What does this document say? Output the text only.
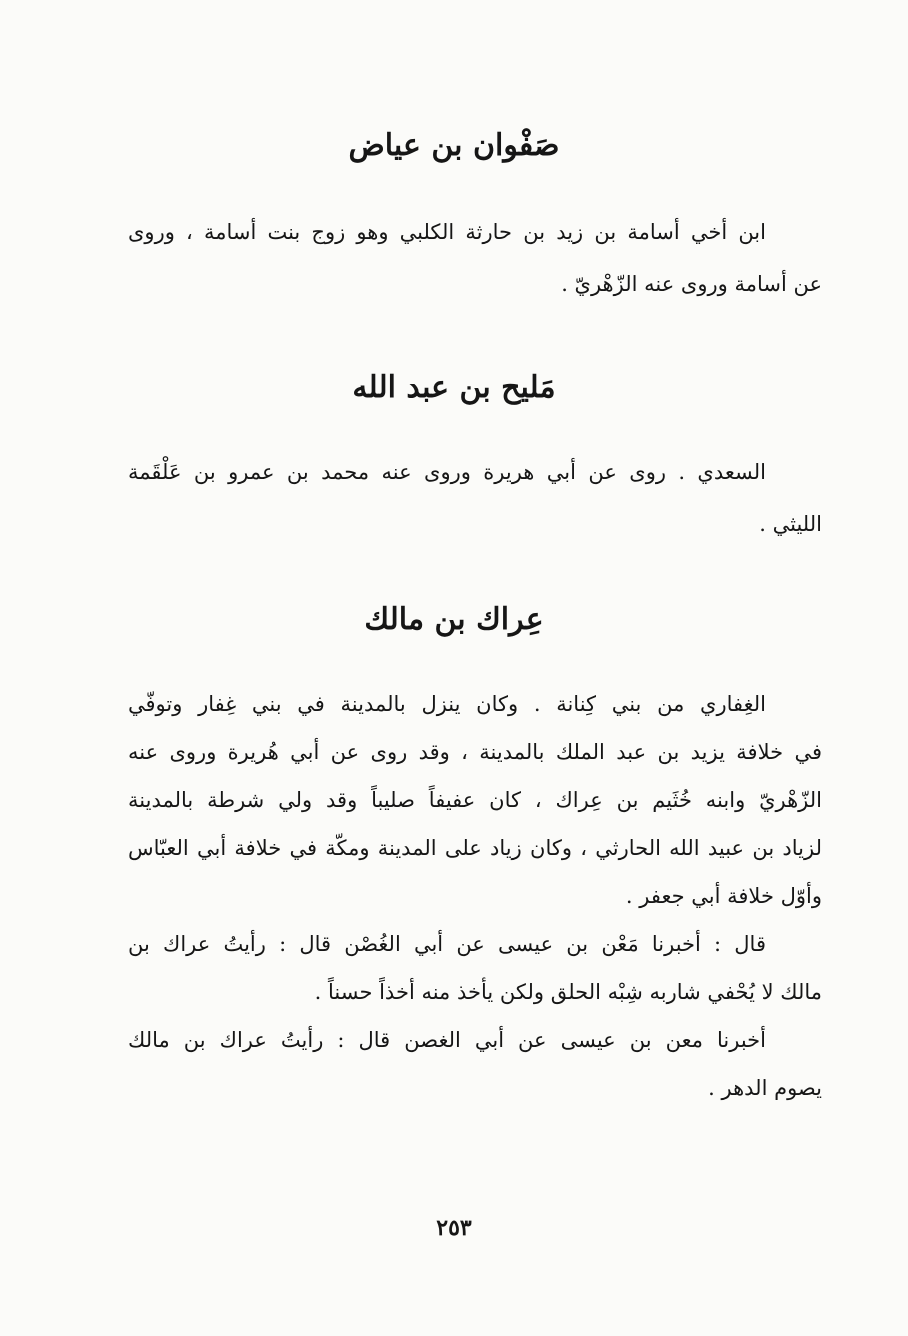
صَفْوان بن عياض

ابن أخي أسامة بن زيد بن حارثة الكلبي وهو زوج بنت أسامة ، وروى
عن أسامة وروى عنه الزّهْريّ .

مَليح بن عبد الله

السعدي . روى عن أبي هريرة وروى عنه محمد بن عمرو بن عَلْقَمة
الليثي .

عِراك بن مالك

الغِفاري من بني كِنانة . وكان ينزل بالمدينة في بني غِفار وتوفّي
في خلافة يزيد بن عبد الملك بالمدينة ، وقد روى عن أبي هُريرة وروى عنه
الزّهْريّ وابنه خُثَيم بن عِراك ، كان عفيفاً صليباً وقد ولي شرطة بالمدينة
لزياد بن عبيد الله الحارثي ، وكان زياد على المدينة ومكّة في خلافة أبي العبّاس
وأوّل خلافة أبي جعفر .
قال : أخبرنا مَعْن بن عيسى عن أبي الغُصْن قال : رأيتُ عراك بن
مالك لا يُحْفي شاربه شِبْه الحلق ولكن يأخذ منه أخذاً حسناً .
أخبرنا معن بن عيسى عن أبي الغصن قال : رأيتُ عراك بن مالك
يصوم الدهر .

٢٥٣
